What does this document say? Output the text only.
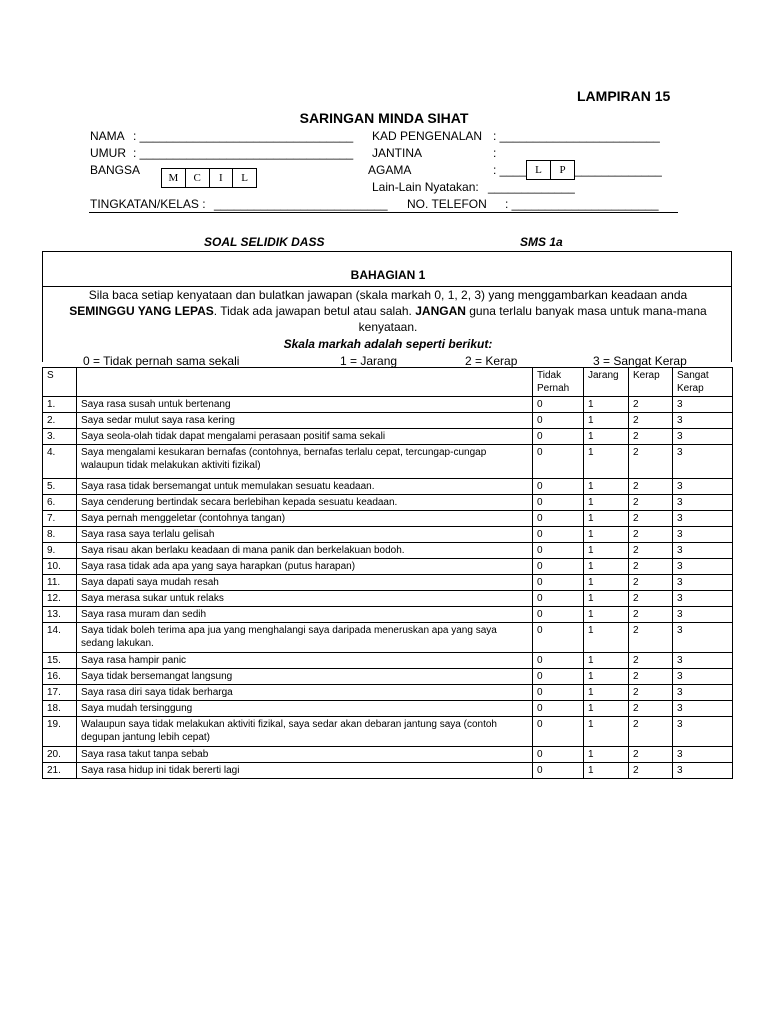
LAMPIRAN 15
SARINGAN MINDA SIHAT
NAMA : ________________________________ KAD PENGENALAN : ________________________
UMUR : ________________________________ JANTINA	:
BANGSA
M	C	I	L
AGAMA	: ____ L	P _____________
Lain-Lain Nyatakan: _____________
TINGKATAN/KELAS : __________________________ NO. TELEFON : ______________________
SOAL SELIDIK DASS	SMS 1a
BAHAGIAN 1
Sila baca setiap kenyataan dan bulatkan jawapan (skala markah 0, 1, 2, 3) yang menggambarkan keadaan anda
SEMINGGU YANG LEPAS. Tidak ada jawapan betul atau salah. JANGAN guna terlalu banyak masa untuk mana-mana kenyataan.
Skala markah adalah seperti berikut:
0 = Tidak pernah sama sekali	1 = Jarang	2 = Kerap	3 = Sangat Kerap
S		Tidak Pernah	Jarang	Kerap	Sangat Kerap
1.	Saya rasa susah untuk bertenang	0	1	2	3
2.	Saya sedar mulut saya rasa kering	0	1	2	3
3.	Saya seola-olah tidak dapat mengalami perasaan positif sama sekali	0	1	2	3
4.	Saya mengalami kesukaran bernafas (contohnya, bernafas terlalu cepat, tercungap-cungap walaupun tidak melakukan aktiviti fizikal)	0	1	2	3
5.	Saya rasa tidak bersemangat untuk memulakan sesuatu keadaan.	0	1	2	3
6.	Saya cenderung bertindak secara berlebihan kepada sesuatu keadaan.	0	1	2	3
7.	Saya pernah menggeletar (contohnya tangan)	0	1	2	3
8.	Saya rasa saya terlalu gelisah	0	1	2	3
9.	Saya risau akan berlaku keadaan di mana panik dan berkelakuan bodoh.	0	1	2	3
10.	Saya rasa tidak ada apa yang saya harapkan (putus harapan)	0	1	2	3
11.	Saya dapati saya mudah resah	0	1	2	3
12.	Saya merasa sukar untuk relaks	0	1	2	3
13.	Saya rasa muram dan sedih	0	1	2	3
14.	Saya tidak boleh terima apa jua yang menghalangi saya daripada meneruskan apa yang saya sedang lakukan.	0	1	2	3
15.	Saya rasa hampir panic	0	1	2	3
16.	Saya tidak bersemangat langsung	0	1	2	3
17.	Saya rasa diri saya tidak berharga	0	1	2	3
18.	Saya mudah tersinggung	0	1	2	3
19.	Walaupun saya tidak melakukan aktiviti fizikal, saya sedar akan debaran jantung saya (contoh degupan jantung lebih cepat)	0	1	2	3
20.	Saya rasa takut tanpa sebab	0	1	2	3
21.	Saya rasa hidup ini tidak bererti lagi	0	1	2	3
